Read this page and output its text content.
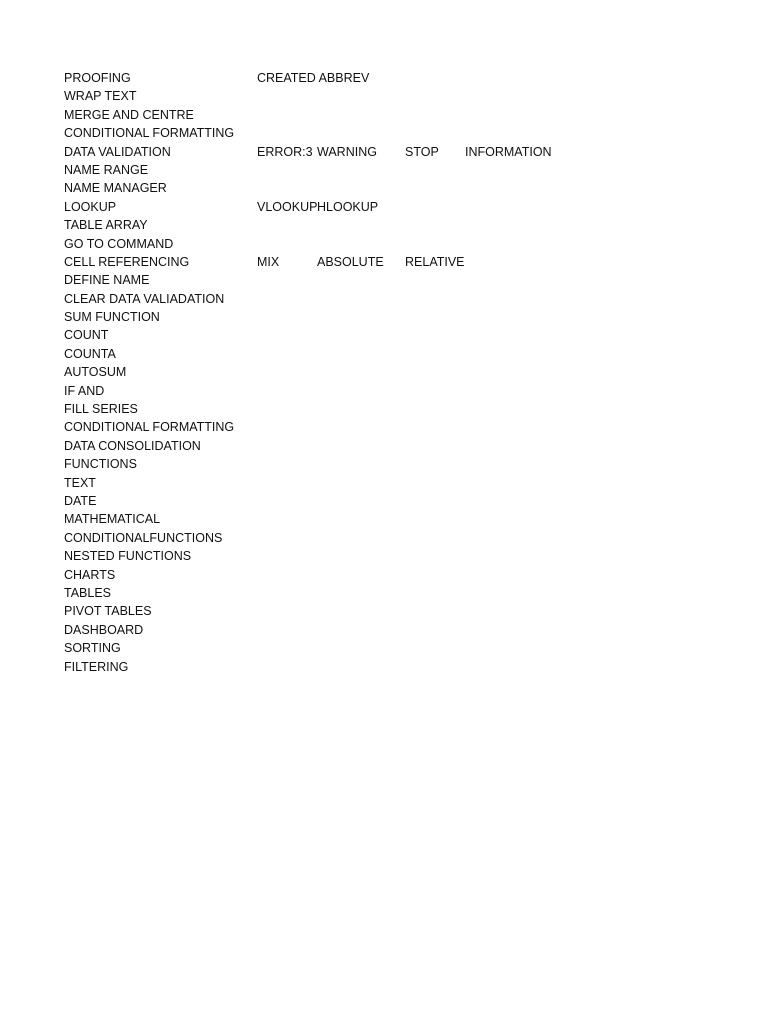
PROOFING	CREATED ABBREV
WRAP TEXT
MERGE AND CENTRE
CONDITIONAL FORMATTING
DATA VALIDATION	ERROR:3 WARNING STOP INFORMATION
NAME RANGE
NAME MANAGER
LOOKUP	VLOOKUP HLOOKUP
TABLE ARRAY
GO TO COMMAND
CELL REFERENCING	MIX	ABSOLUTE RELATIVE
DEFINE NAME
CLEAR DATA VALIADATION
SUM FUNCTION
COUNT
COUNTA
AUTOSUM
IF AND
FILL SERIES
CONDITIONAL FORMATTING
DATA CONSOLIDATION
FUNCTIONS
TEXT
DATE
MATHEMATICAL
CONDITIONALFUNCTIONS
NESTED FUNCTIONS
CHARTS
TABLES
PIVOT TABLES
DASHBOARD
SORTING
FILTERING
